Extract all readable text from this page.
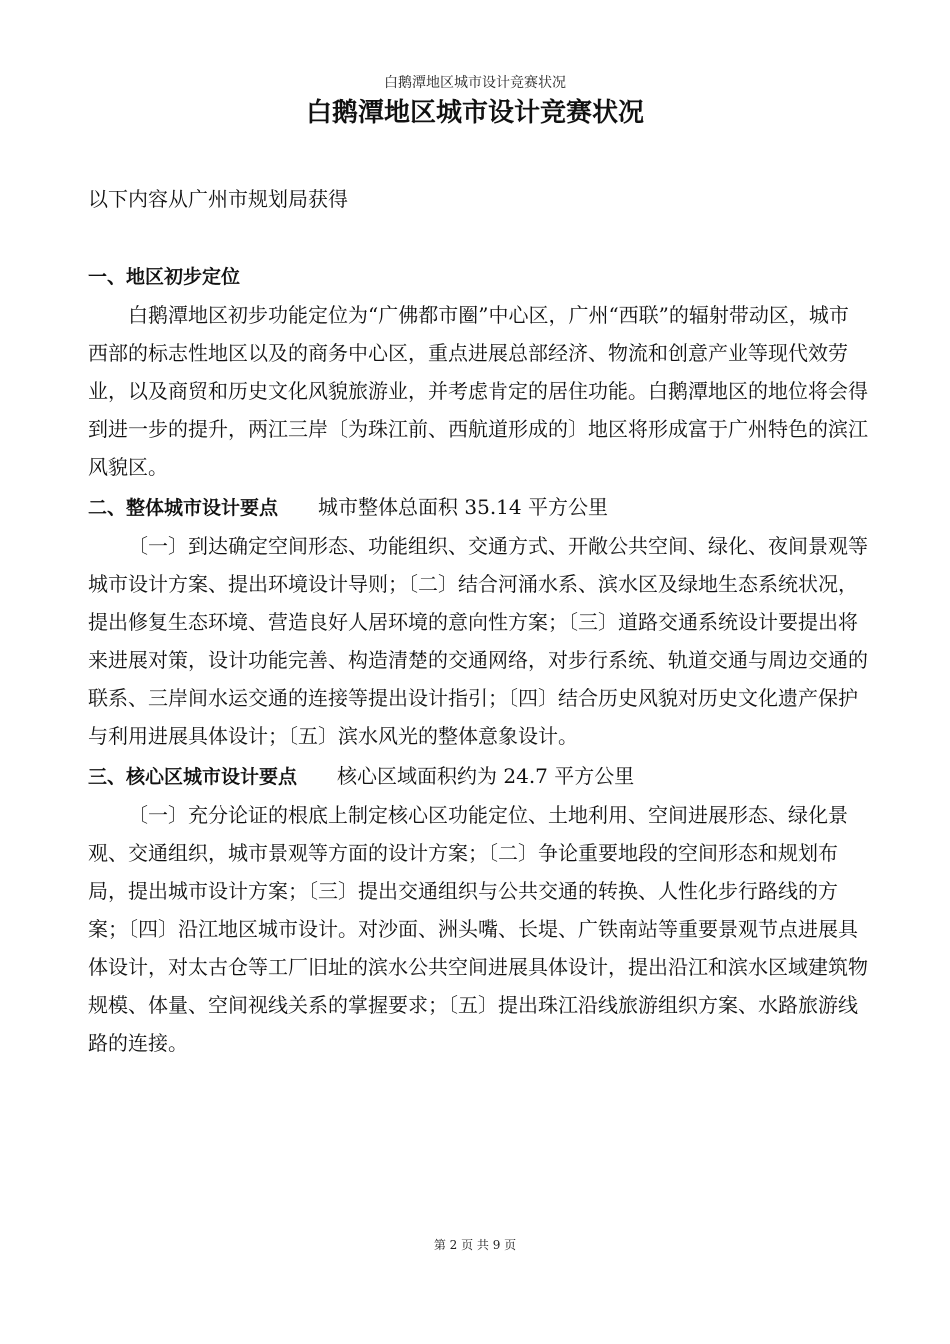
白鹅潭地区城市设计竞赛状况
白鹅潭地区城市设计竞赛状况
以下内容从广州市规划局获得

一、地区初步定位

白鹅潭地区初步功能定位为“广佛都市圈”中心区，广州“西联”的辐射带动区，城市西部的标志性地区以及的商务中心区，重点进展总部经济、物流和创意产业等现代效劳业，以及商贸和历史文化风貌旅游业，并考虑肯定的居住功能。白鹅潭地区的地位将会得到进一步的提升，两江三岸〔为珠江前、西航道形成的〕地区将形成富于广州特色的滨江风貌区。

二、整体城市设计要点 城市整体总面积 35.14 平方公里

〔一〕到达确定空间形态、功能组织、交通方式、开敞公共空间、绿化、夜间景观等城市设计方案、提出环境设计导则；〔二〕结合河涌水系、滨水区及绿地生态系统状况，提出修复生态环境、营造良好人居环境的意向性方案；〔三〕道路交通系统设计要提出将来进展对策，设计功能完善、构造清楚的交通网络，对步行系统、轨道交通与周边交通的联系、三岸间水运交通的连接等提出设计指引；〔四〕结合历史风貌对历史文化遗产保护与利用进展具体设计；〔五〕滨水风光的整体意象设计。

三、核心区城市设计要点 核心区域面积约为 24.7 平方公里

〔一〕充分论证的根底上制定核心区功能定位、土地利用、空间进展形态、绿化景观、交通组织，城市景观等方面的设计方案；〔二〕争论重要地段的空间形态和规划布局，提出城市设计方案；〔三〕提出交通组织与公共交通的转换、人性化步行路线的方案；〔四〕沿江地区城市设计。对沙面、洲头嘴、长堤、广铁南站等重要景观节点进展具体设计，对太古仓等工厂旧址的滨水公共空间进展具体设计，提出沿江和滨水区域建筑物规模、体量、空间视线关系的掌握要求；〔五〕提出珠江沿线旅游组织方案、水路旅游线路的连接。

第 2 页 共 9 页
